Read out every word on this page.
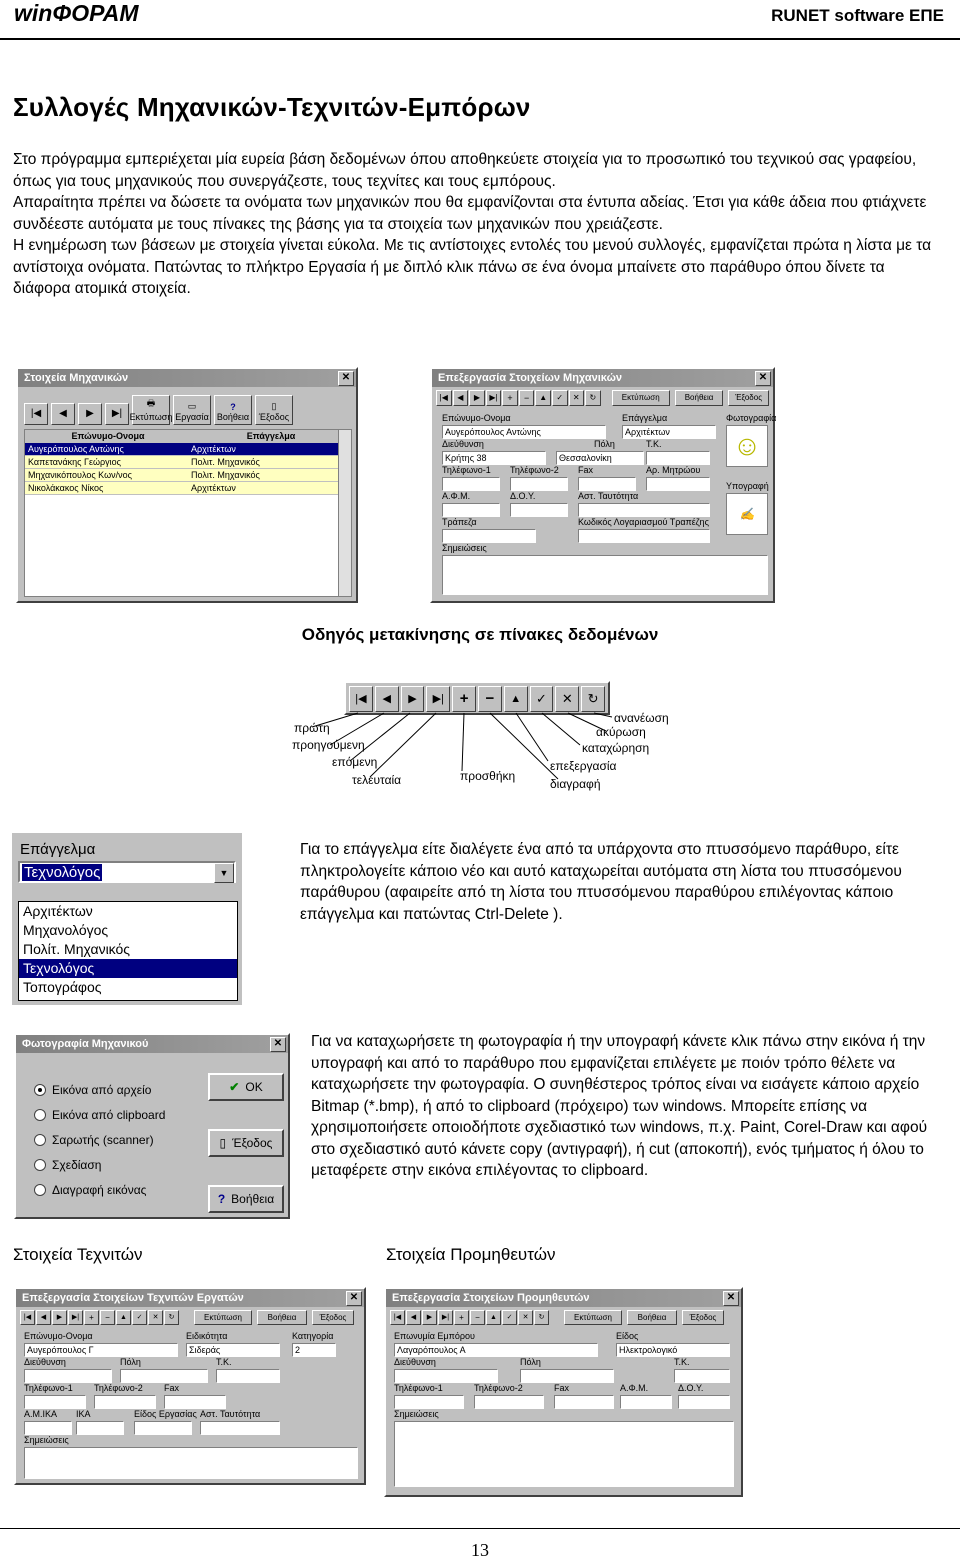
winΦΟΡΑΜ	RUNET software ΕΠΕ
Συλλογές Μηχανικών-Τεχνιτών-Εμπόρων

Στο πρόγραμμα εμπεριέχεται μία ευρεία βάση δεδομένων όπου αποθηκεύετε στοιχεία για το προσωπικό του τεχνικού σας γραφείου, όπως για τους μηχανικούς που συνεργάζεστε, τους τεχνίτες και τους εμπόρους.

Απαραίτητα πρέπει να δώσετε τα ονόματα των μηχανικών που θα εμφανίζονται στα έντυπα αδείας. Έτσι για κάθε άδεια που φτιάχνετε συνδέεστε αυτόματα με τους πίνακες της βάσης για τα στοιχεία των μηχανικών που χρειάζεστε.

Η ενημέρωση των βάσεων με στοιχεία γίνεται εύκολα. Με τις αντίστοιχες εντολές του μενού συλλογές, εμφανίζεται πρώτα η λίστα με τα αντίστοιχα ονόματα. Πατώντας το πλήκτρο Εργασία ή με διπλό κλικ πάνω σε ένα όνομα μπαίνετε στο παράθυρο όπου δίνετε τα διάφορα ατομικά στοιχεία.

Στοιχεία Μηχανικών	✕
|◀	◀	▶	▶|
🖶
Εκτύπωση
▭
Εργασία
?
Βοήθεια
▯
Έξοδος
Επώνυμο-Ονομα	Επάγγελμα
Αυγερόπουλος Αντώνης	Αρχιτέκτων
Καπετανάκης Γεώργιος	Πολιτ. Μηχανικός
Μηχανικόπουλος Κων/νος	Πολιτ. Μηχανικός
Νικολάκακος Νίκος	Αρχιτέκτων
Επεξεργασία Στοιχείων Μηχανικών	✕
|◀	◀	▶	▶|	+	−	▲	✓	✕	↻	Εκτύπωση	Βοήθεια	Έξοδος
Επώνυμο-Ονομα
Αυγερόπουλος Αντώνης
Επάγγελμα
Αρχιτέκτων
Φωτογραφία
☺
Διεύθυνση
Κρήτης 38
Πόλη
Θεσσαλονίκη
Τ.Κ.
Τηλέφωνο-1 Τηλέφωνο-2 Fax	Αρ. Μητρώου
Α.Φ.Μ.	Δ.Ο.Υ.	Αστ. Ταυτότητα
Υπογραφή
✍
Τράπεζα	Κωδικός Λογαριασμού Τραπέζης
Σημειώσεις
Οδηγός μετακίνησης σε πίνακες δεδομένων
|◀	◀	▶	▶|	+	−	▲	✓	✕	↻
πρώτη
προηγούμενη
επόμενη
τελευταία	προσθήκη
διαγραφή
επεξεργασία
καταχώρηση
ακύρωση
ανανέωση
Επάγγελμα
Τεχνολόγος	▼
Αρχιτέκτων
Μηχανολόγος
Πολίτ. Μηχανικός
Τεχνολόγος
Τοπογράφος
Για το επάγγελμα είτε διαλέγετε ένα από τα υπάρχοντα στο πτυσσόμενο παράθυρο, είτε πληκτρολογείτε κάποιο νέο και αυτό καταχωρείται αυτόματα στη λίστα του πτυσσόμενου παράθυρου (αφαιρείτε από τη λίστα του πτυσσόμενου παραθύρου επιλέγοντας κάποιο επάγγελμα και πατώντας Ctrl-Delete ).
Φωτογραφία Μηχανικού	✕
Εικόνα από αρχείο
Εικόνα από clipboard
Σαρωτής (scanner)
Σχεδίαση
Διαγραφή εικόνας
✔ OK
▯ Έξοδος
? Βοήθεια
Για να καταχωρήσετε τη φωτογραφία ή την υπογραφή κάνετε κλικ πάνω στην εικόνα ή την υπογραφή και από το παράθυρο που εμφανίζεται επιλέγετε με ποιόν τρόπο θέλετε να καταχωρήσετε την φωτογραφία. Ο συνηθέστερος τρόπος είναι να εισάγετε κάποιο αρχείο Bitmap (*.bmp), ή από το clipboard (πρόχειρο) των windows. Μπορείτε επίσης να χρησιμοποιήσετε οποιοδήποτε σχεδιαστικό των windows, π.χ. Paint, Corel-Draw και αφού στο σχεδιαστικό αυτό κάνετε copy (αντιγραφή), ή cut (αποκοπή), ενός τμήματος ή όλου το μεταφέρετε στην εικόνα επιλέγοντας το clipboard.
Στοιχεία Τεχνιτών	Στοιχεία Προμηθευτών
Επεξεργασία Στοιχείων Τεχνιτών Εργατών	✕
|◀	◀	▶	▶|	+	−	▲	✓	✕	↻	Εκτύπωση	Βοήθεια	Έξοδος
Επώνυμο-Ονομα
Αυγερόπουλος Γ
Ειδικότητα
Σιδεράς
Κατηγορία
2
Διεύθυνση	Πόλη	Τ.Κ.
Τηλέφωνο-1 Τηλέφωνο-2 Fax
Α.Μ.ΙΚΑ ΙΚΑ	Είδος Εργασίας Αστ. Ταυτότητα
Σημειώσεις
Επεξεργασία Στοιχείων Προμηθευτών	✕
|◀	◀	▶	▶|	+	−	▲	✓	✕	↻	Εκτύπωση	Βοήθεια	Έξοδος
Επωνυμία Εμπόρου
Λαγαρόπουλος Α
Είδος
Ηλεκτρολογικό
Διεύθυνση	Πόλη	Τ.Κ.
Τηλέφωνο-1	Τηλέφωνο-2	Fax	Α.Φ.Μ.	Δ.Ο.Υ.
Σημειώσεις
13
